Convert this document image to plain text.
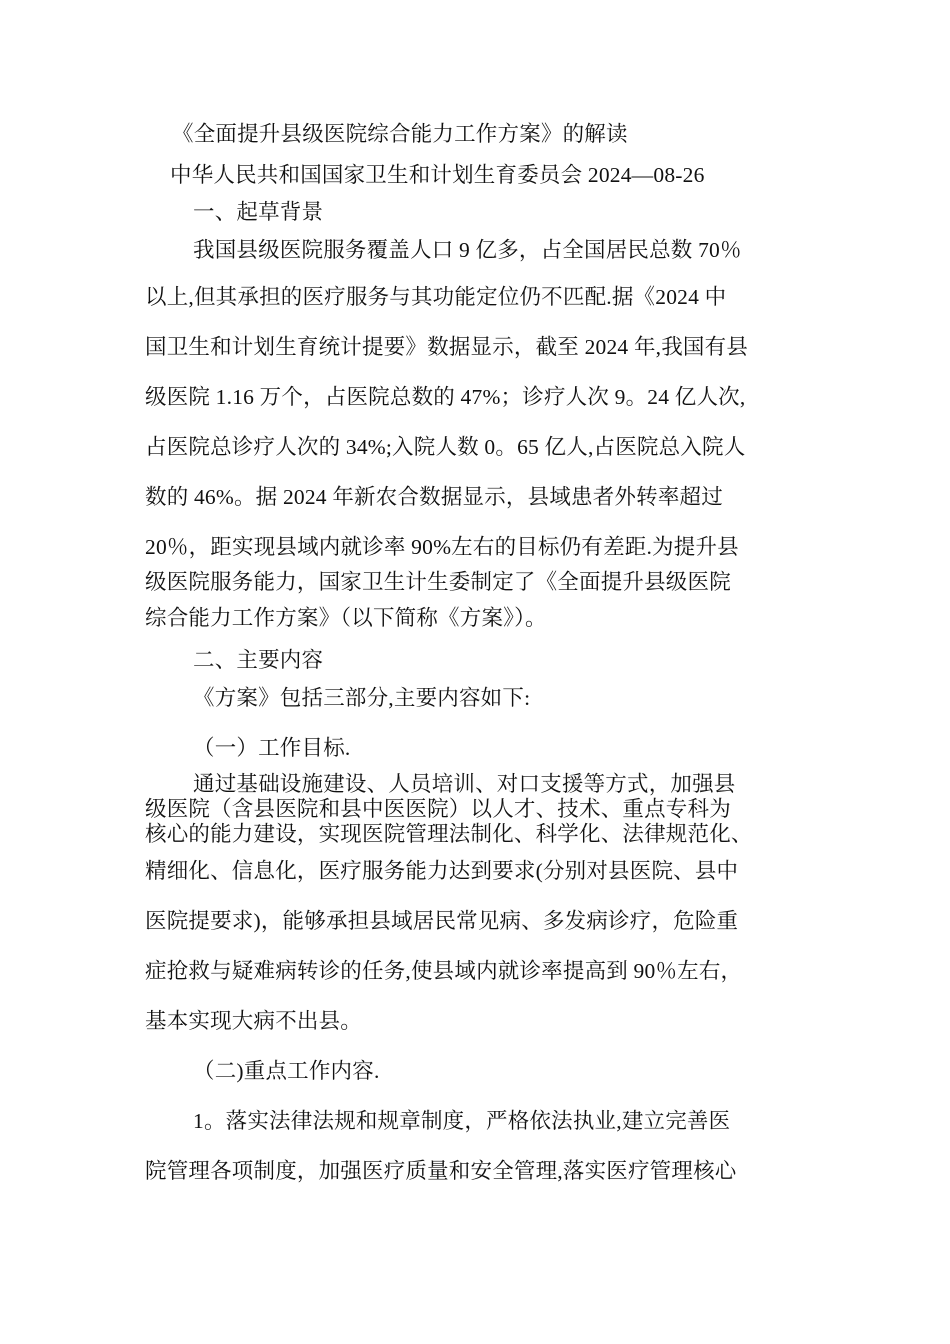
《全面提升县级医院综合能力工作方案》的解读
中华人民共和国国家卫生和计划生育委员会 2024—08-26
一、起草背景
我国县级医院服务覆盖人口 9 亿多，占全国居民总数 70％
以上,但其承担的医疗服务与其功能定位仍不匹配.据《2024 中
国卫生和计划生育统计提要》数据显示，截至 2024 年,我国有县
级医院 1.16 万个，占医院总数的 47%；诊疗人次 9。24 亿人次,
占医院总诊疗人次的 34%;入院人数 0。65 亿人,占医院总入院人
数的 46%。据 2024 年新农合数据显示，县域患者外转率超过
20％，距实现县域内就诊率 90%左右的目标仍有差距.为提升县
级医院服务能力，国家卫生计生委制定了《全面提升县级医院
综合能力工作方案》（以下简称《方案》）。
二、主要内容
《方案》包括三部分,主要内容如下:
（一）工作目标.
通过基础设施建设、人员培训、对口支援等方式，加强县
级医院（含县医院和县中医医院）以人才、技术、重点专科为
核心的能力建设，实现医院管理法制化、科学化、法律规范化、
精细化、信息化，医疗服务能力达到要求(分别对县医院、县中
医院提要求)，能够承担县域居民常见病、多发病诊疗，危险重
症抢救与疑难病转诊的任务,使县域内就诊率提高到 90％左右，
基本实现大病不出县。
（二)重点工作内容.
1。落实法律法规和规章制度，严格依法执业,建立完善医
院管理各项制度，加强医疗质量和安全管理,落实医疗管理核心
